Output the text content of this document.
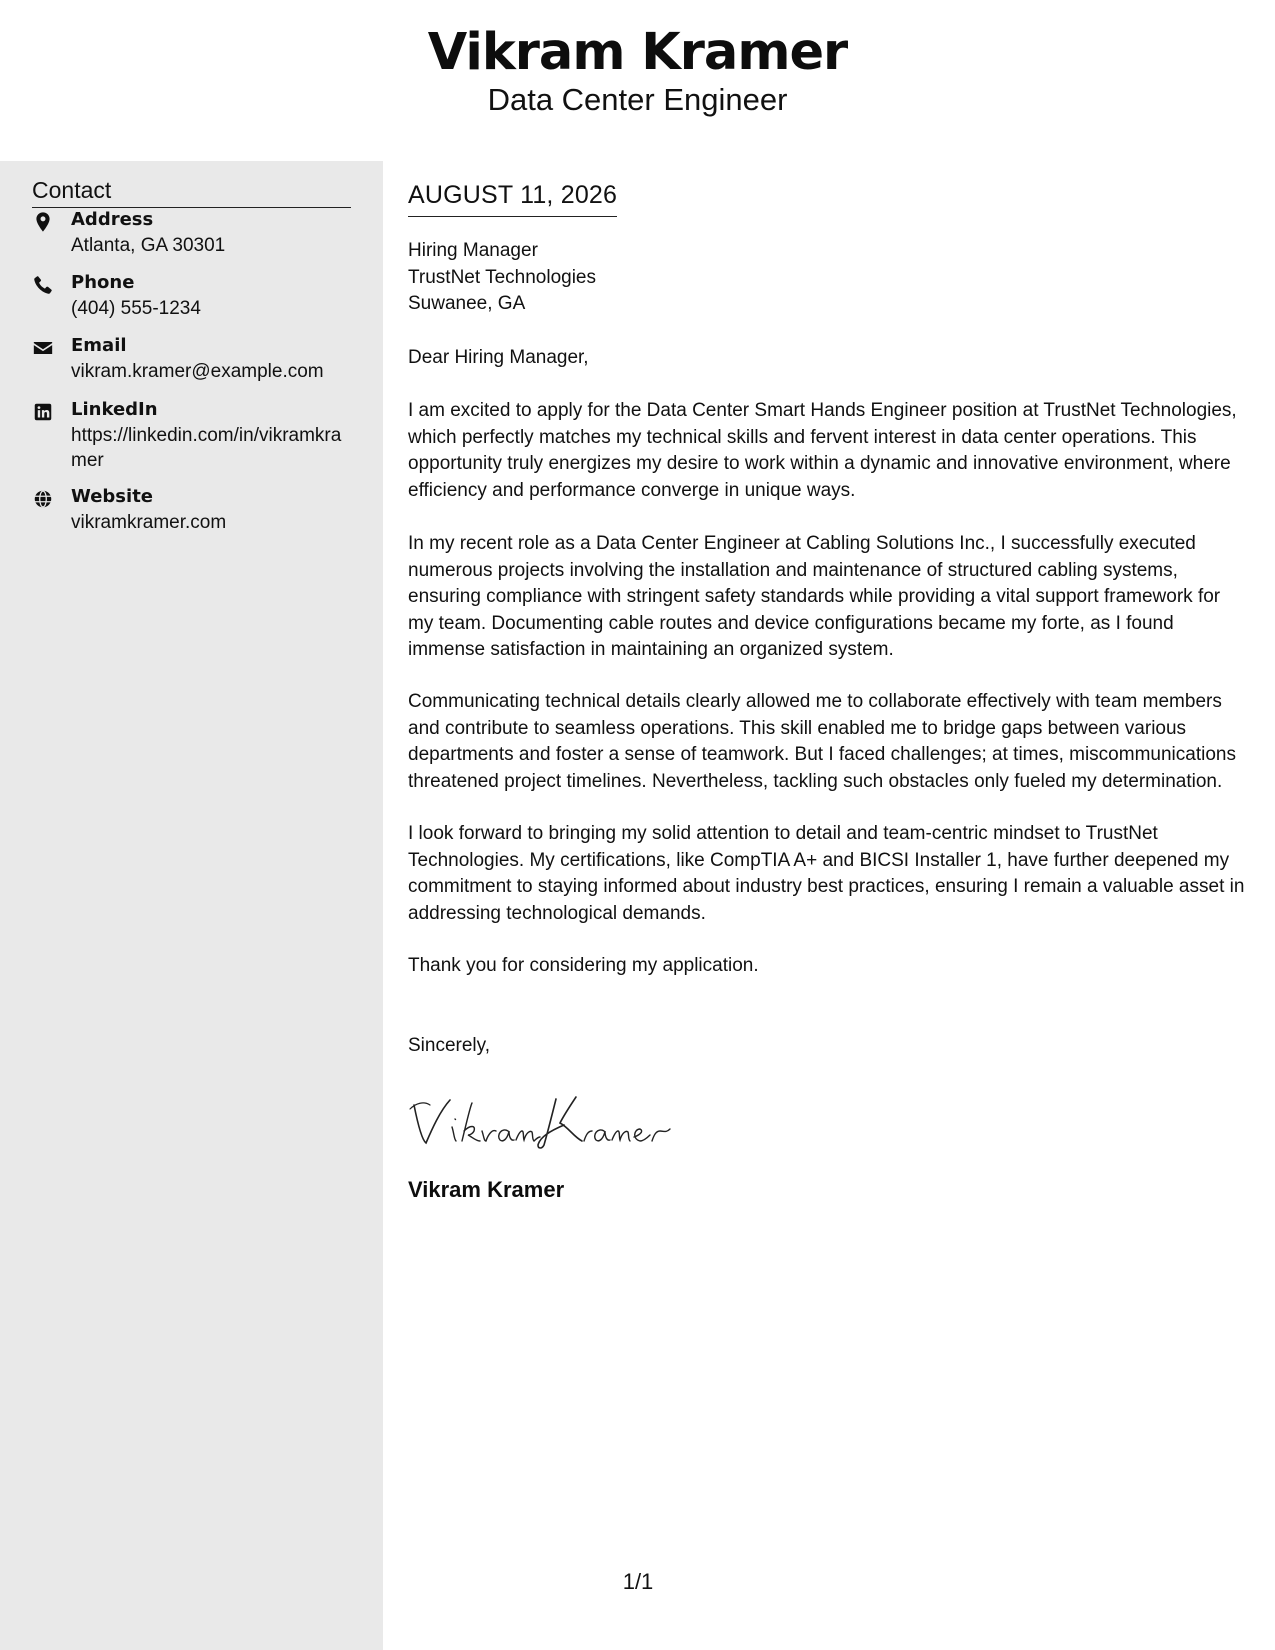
Vikram Kramer
Data Center Engineer
Contact
Address
Atlanta, GA 30301
Phone
(404) 555-1234
Email
vikram.kramer@example.com
LinkedIn
https://linkedin.com/in/vikramkramer
Website
vikramkramer.com
AUGUST 11, 2026
Hiring Manager
TrustNet Technologies
Suwanee, GA

Dear Hiring Manager,

I am excited to apply for the Data Center Smart Hands Engineer position at TrustNet Technologies, which perfectly matches my technical skills and fervent interest in data center operations. This opportunity truly energizes my desire to work within a dynamic and innovative environment, where efficiency and performance converge in unique ways.

In my recent role as a Data Center Engineer at Cabling Solutions Inc., I successfully executed numerous projects involving the installation and maintenance of structured cabling systems, ensuring compliance with stringent safety standards while providing a vital support framework for my team. Documenting cable routes and device configurations became my forte, as I found immense satisfaction in maintaining an organized system.

Communicating technical details clearly allowed me to collaborate effectively with team members and contribute to seamless operations. This skill enabled me to bridge gaps between various departments and foster a sense of teamwork. But I faced challenges; at times, miscommunications threatened project timelines. Nevertheless, tackling such obstacles only fueled my determination.

I look forward to bringing my solid attention to detail and team-centric mindset to TrustNet Technologies. My certifications, like CompTIA A+ and BICSI Installer 1, have further deepened my commitment to staying informed about industry best practices, ensuring I remain a valuable asset in addressing technological demands.

Thank you for considering my application.

Sincerely,

Vikram Kramer
1/1
